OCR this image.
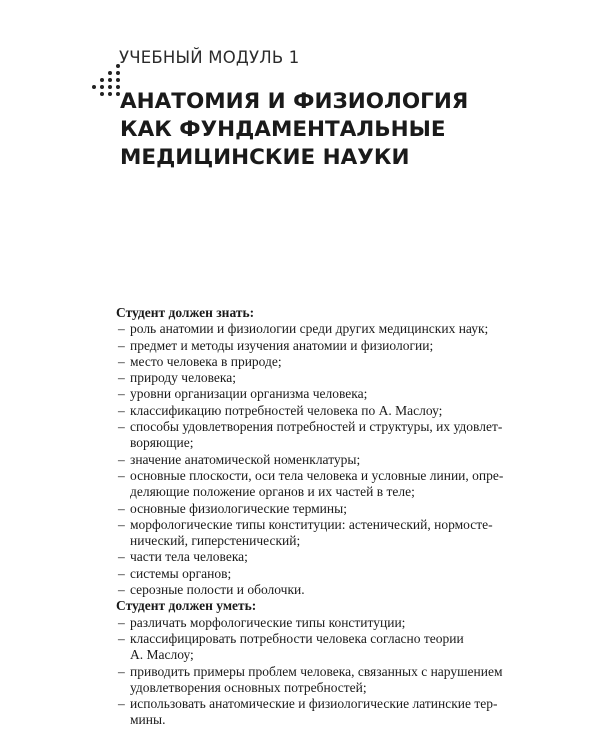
УЧЕБНЫЙ МОДУЛЬ 1
АНАТОМИЯ И ФИЗИОЛОГИЯ
КАК ФУНДАМЕНТАЛЬНЫЕ
МЕДИЦИНСКИЕ НАУКИ

Студент должен знать:

– роль анатомии и физиологии среди других медицинских наук;
– предмет и методы изучения анатомии и физиологии;
– место человека в природе;
– природу человека;
– уровни организации организма человека;
– классификацию потребностей человека по А. Маслоу;
– способы удовлетворения потребностей и структуры, их удовлет-
воряющие;
– значение анатомической номенклатуры;
– основные плоскости, оси тела человека и условные линии, опре-
деляющие положение органов и их частей в теле;
– основные физиологические термины;
– морфологические типы конституции: астенический, нормосте-
нический, гиперстенический;
– части тела человека;
– системы органов;
– серозные полости и оболочки.

Студент должен уметь:

– различать морфологические типы конституции;
– классифицировать потребности человека согласно теории
А. Маслоу;
– приводить примеры проблем человека, связанных с нарушением
удовлетворения основных потребностей;
– использовать анатомические и физиологические латинские тер-
мины.
